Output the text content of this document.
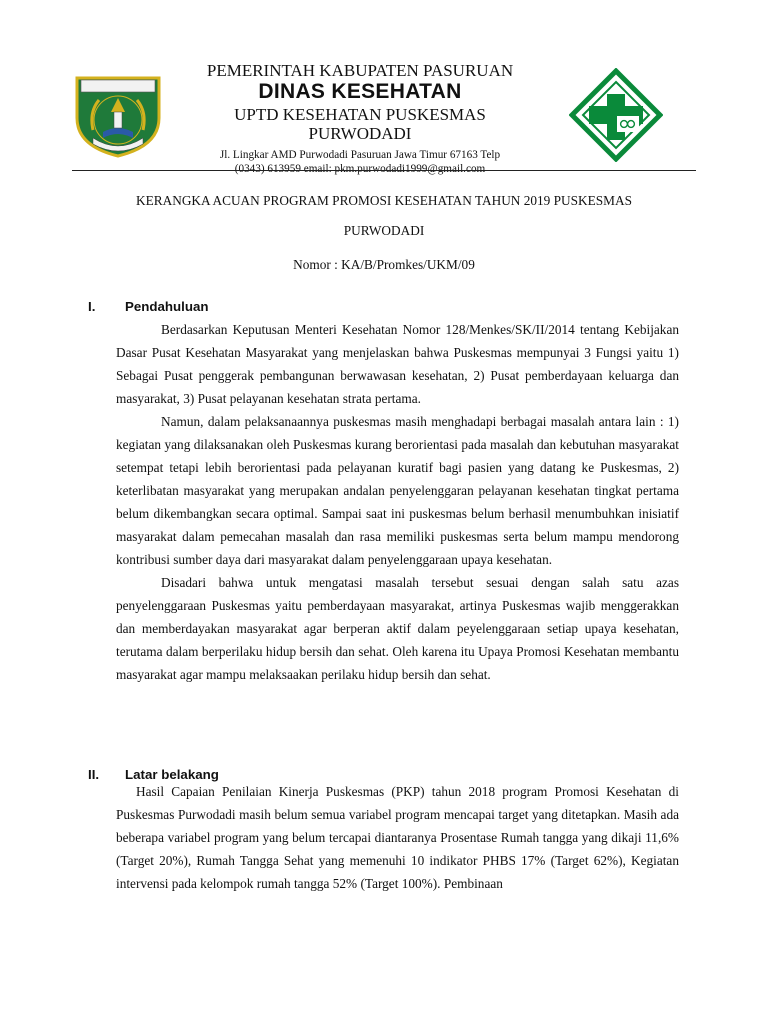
PEMERINTAH KABUPATEN PASURUAN
DINAS KESEHATAN
UPTD KESEHATAN PUSKESMAS
PURWODADI
Jl. Lingkar AMD Purwodadi Pasuruan Jawa Timur 67163 Telp
(0343) 613959 email: pkm.purwodadi1999@gmail.com
KERANGKA ACUAN PROGRAM PROMOSI KESEHATAN TAHUN 2019 PUSKESMAS
PURWODADI
Nomor : KA/B/Promkes/UKM/09
I. Pendahuluan

Berdasarkan Keputusan Menteri Kesehatan Nomor 128/Menkes/SK/II/2014 tentang Kebijakan Dasar Pusat Kesehatan Masyarakat yang menjelaskan bahwa Puskesmas mempunyai 3 Fungsi yaitu 1) Sebagai Pusat penggerak pembangunan berwawasan kesehatan, 2) Pusat pemberdayaan keluarga dan masyarakat, 3) Pusat pelayanan kesehatan strata pertama.

Namun, dalam pelaksanaannya puskesmas masih menghadapi berbagai masalah antara lain : 1) kegiatan yang dilaksanakan oleh Puskesmas kurang berorientasi pada masalah dan kebutuhan masyarakat setempat tetapi lebih berorientasi pada pelayanan kuratif bagi pasien yang datang ke Puskesmas, 2) keterlibatan masyarakat yang merupakan andalan penyelenggaran pelayanan kesehatan tingkat pertama belum dikembangkan secara optimal. Sampai saat ini puskesmas belum berhasil menumbuhkan inisiatif masyarakat dalam pemecahan masalah dan rasa memiliki puskesmas serta belum mampu mendorong kontribusi sumber daya dari masyarakat dalam penyelenggaraan upaya kesehatan.

Disadari bahwa untuk mengatasi masalah tersebut sesuai dengan salah satu azas penyelenggaraan Puskesmas yaitu pemberdayaan masyarakat, artinya Puskesmas wajib menggerakkan dan memberdayakan masyarakat agar berperan aktif dalam peyelenggaraan setiap upaya kesehatan, terutama dalam berperilaku hidup bersih dan sehat. Oleh karena itu Upaya Promosi Kesehatan membantu masyarakat agar mampu melaksaakan perilaku hidup bersih dan sehat.

II. Latar belakang

Hasil Capaian Penilaian Kinerja Puskesmas (PKP) tahun 2018 program Promosi Kesehatan di Puskesmas Purwodadi masih belum semua variabel program mencapai target yang ditetapkan. Masih ada beberapa variabel program yang belum tercapai diantaranya Prosentase Rumah tangga yang dikaji 11,6% (Target 20%), Rumah Tangga Sehat yang memenuhi 10 indikator PHBS 17% (Target 62%), Kegiatan intervensi pada kelompok rumah tangga 52% (Target 100%). Pembinaan
